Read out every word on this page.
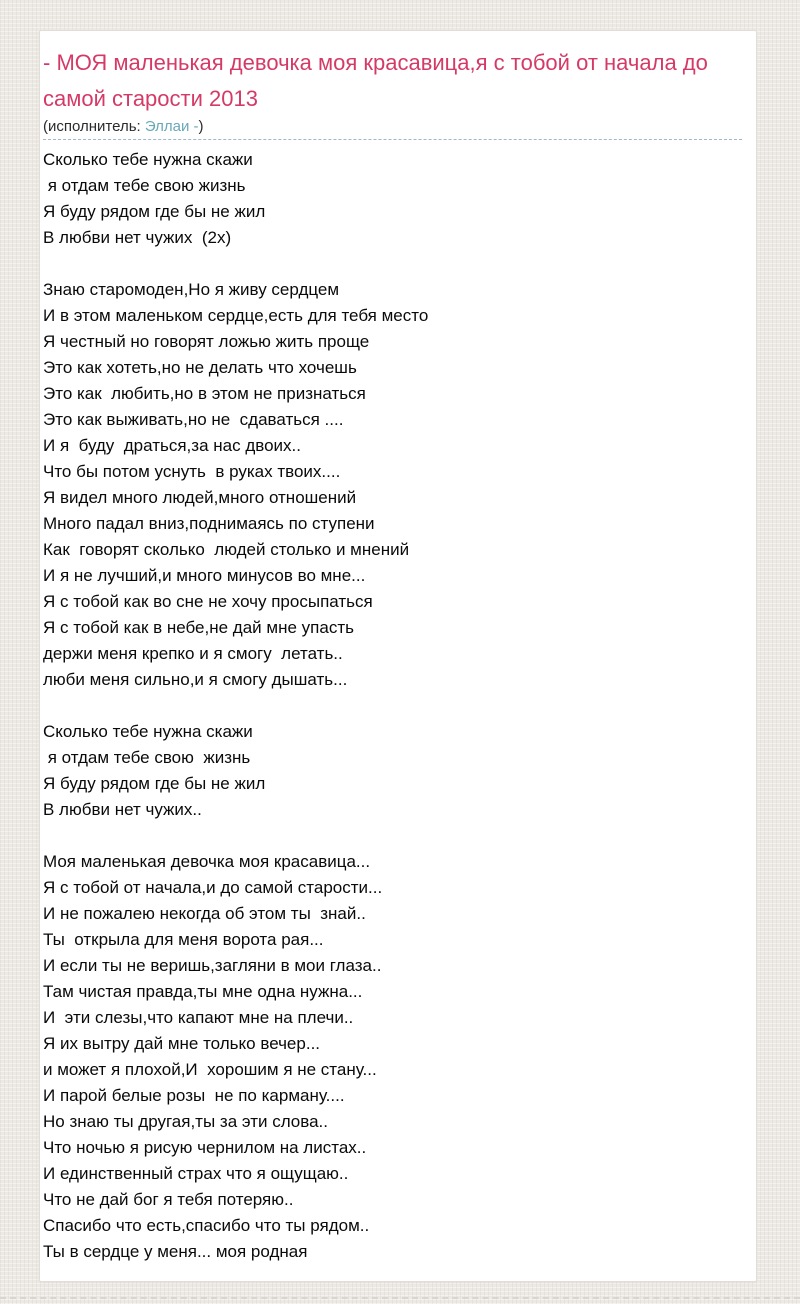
- МОЯ маленькая девочка моя красавица,я с тобой от начала до самой старости 2013
(исполнитель: Эллаи -)
Сколько тебе нужна скажи
я отдам тебе свою жизнь
Я буду рядом где бы не жил
В любви нет чужих  (2х)
Знаю старомоден,Но я живу сердцем
И в этом маленьком сердце,есть для тебя место
Я честный но говорят ложью жить проще
Это как хотеть,но не делать что хочешь
Это как  любить,но в этом не признаться
Это как выживать,но не  сдаваться ....
И я  буду  драться,за нас двоих..
Что бы потом уснуть  в руках твоих....
Я видел много людей,много отношений
Много падал вниз,поднимаясь по ступени
Как  говорят сколько  людей столько и мнений
И я не лучший,и много минусов во мне...
Я с тобой как во сне не хочу просыпаться
Я с тобой как в небе,не дай мне упасть
держи меня крепко и я смогу  летать..
люби меня сильно,и я смогу дышать...
Сколько тебе нужна скажи
я отдам тебе свою  жизнь
Я буду рядом где бы не жил
В любви нет чужих..
Моя маленькая девочка моя красавица...
Я с тобой от начала,и до самой старости...
И не пожалею некогда об этом ты  знай..
Ты  открыла для меня ворота рая...
И если ты не веришь,загляни в мои глаза..
Там чистая правда,ты мне одна нужна...
И  эти слезы,что капают мне на плечи..
Я их вытру дай мне только вечер...
и может я плохой,И  хорошим я не стану...
И парой белые розы  не по карману....
Но знаю ты другая,ты за эти слова..
Что ночью я рисую чернилом на листах..
И единственный страх что я ощущаю..
Что не дай бог я тебя потеряю..
Спасибо что есть,спасибо что ты рядом..
Ты в сердце у меня... моя родная
